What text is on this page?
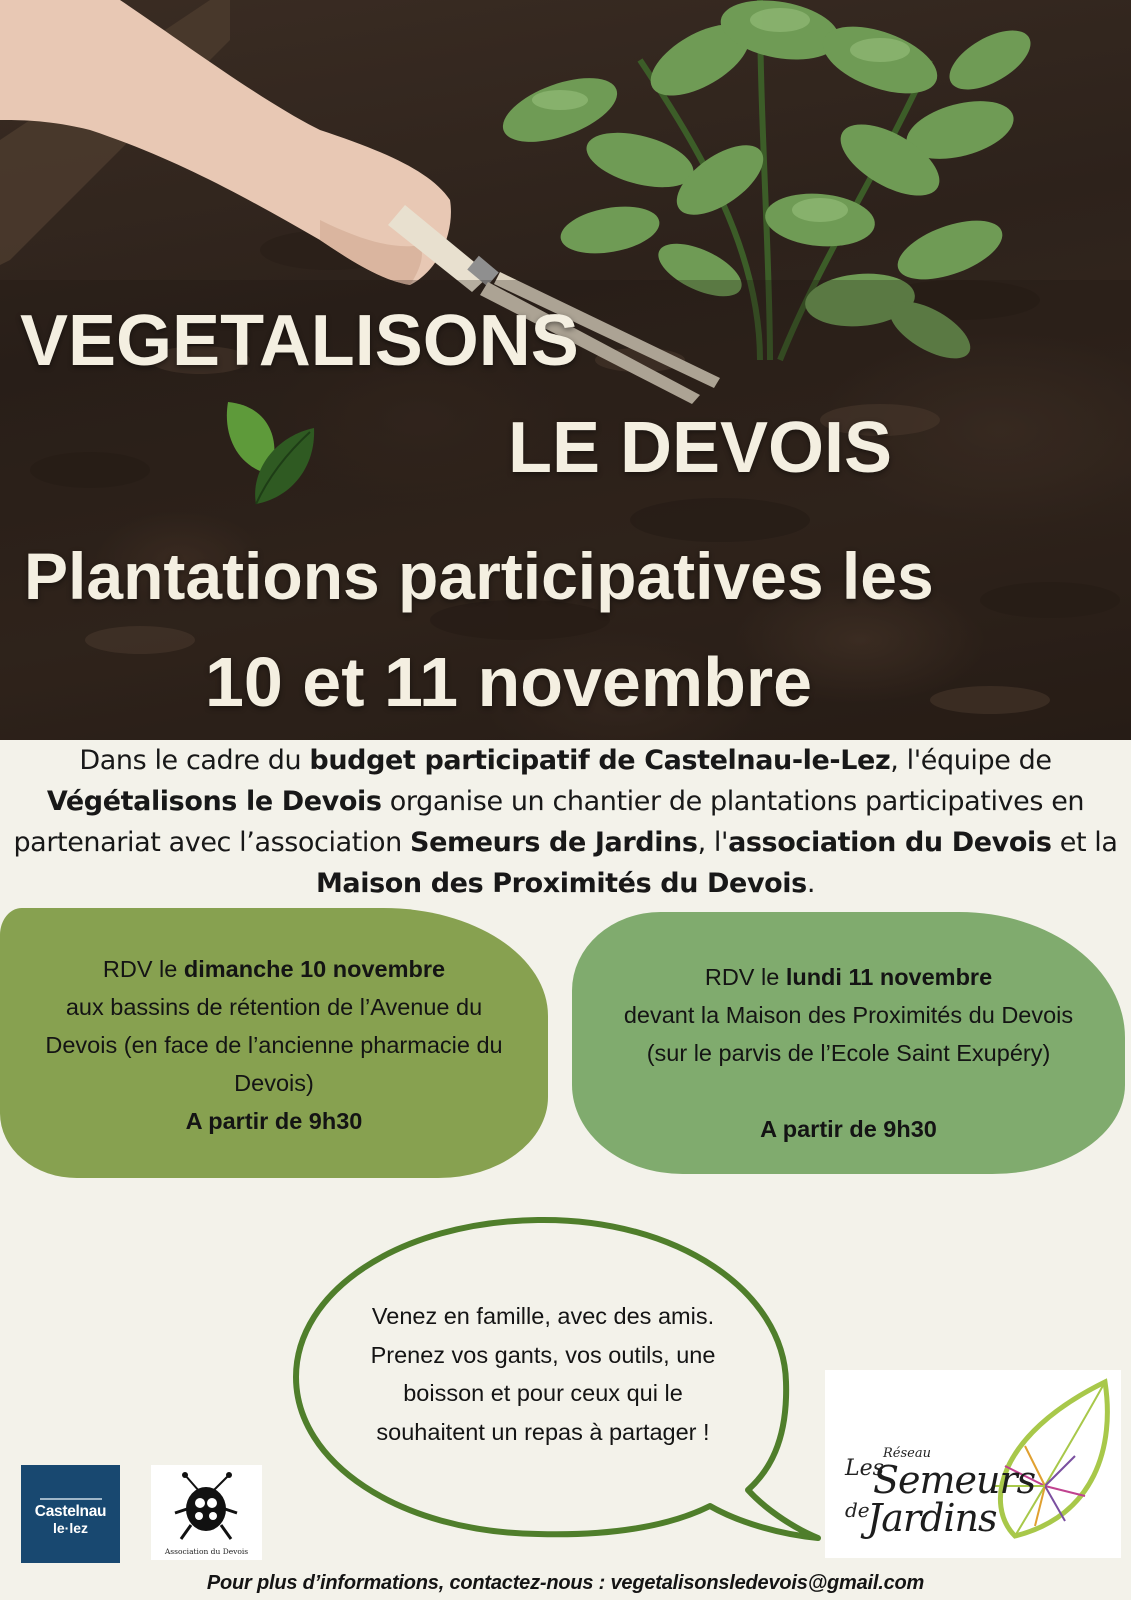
VEGETALISONS
LE DEVOIS
Plantations participatives les
10 et 11 novembre
Dans le cadre du budget participatif de Castelnau-le-Lez, l'équipe de
Végétalisons le Devois organise un chantier de plantations participatives en
partenariat avec l’association Semeurs de Jardins, l'association du Devois et la
Maison des Proximités du Devois.
RDV le dimanche 10 novembre
aux bassins de rétention de l’Avenue du
Devois (en face de l’ancienne pharmacie du
Devois)
A partir de 9h30
RDV le lundi 11 novembre
devant la Maison des Proximités du Devois
(sur le parvis de l’Ecole Saint Exupéry)

A partir de 9h30
Venez en famille, avec des amis.
Prenez vos gants, vos outils, une
boisson et pour ceux qui le
souhaitent un repas à partager !
Castelnau
le·lez
Association du Devois
Réseau
Les
Semeurs
de
Jardins
Pour plus d’informations, contactez-nous : vegetalisonsledevois@gmail.com
